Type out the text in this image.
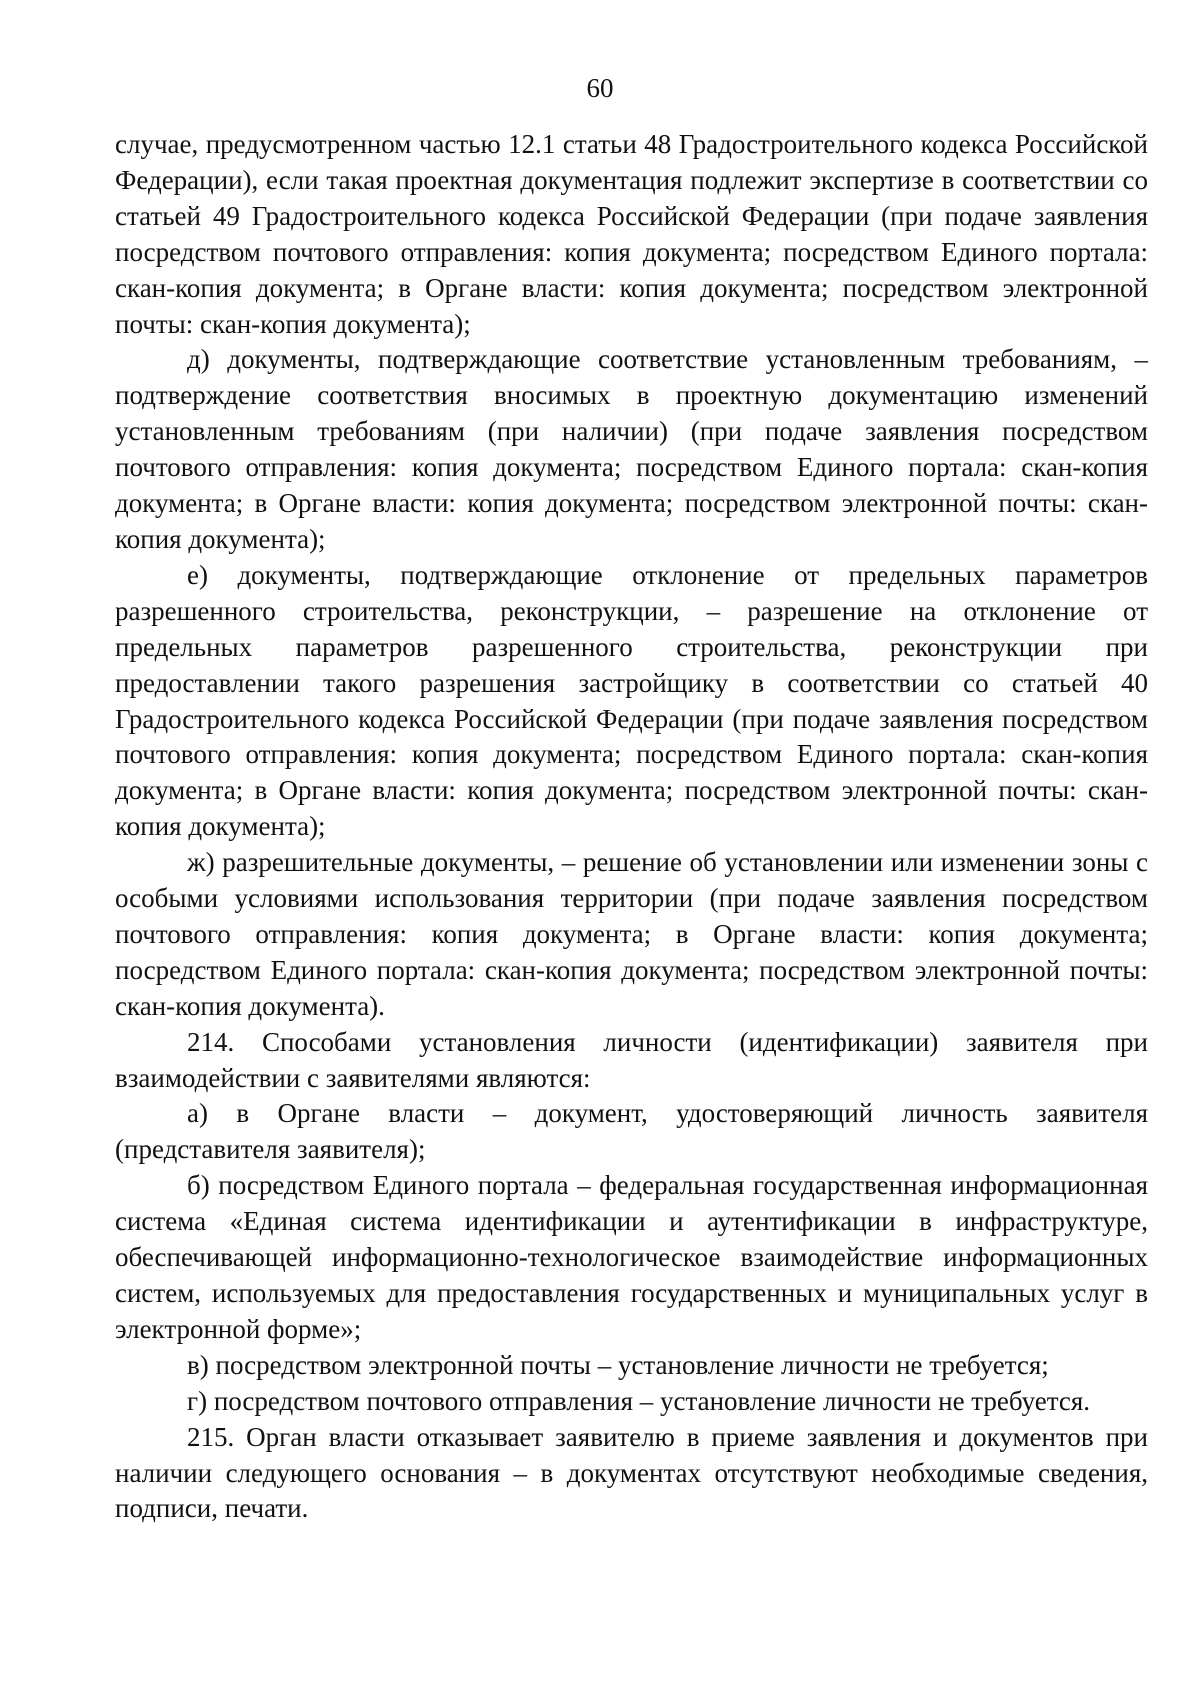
60

случае, предусмотренном частью 12.1 статьи 48 Градостроительного кодекса Российской Федерации), если такая проектная документация подлежит экспертизе в соответствии со статьей 49 Градостроительного кодекса Российской Федерации (при подаче заявления посредством почтового отправления: копия документа; посредством Единого портала: скан-копия документа; в Органе власти: копия документа; посредством электронной почты: скан-копия документа);

д) документы, подтверждающие соответствие установленным требованиям, – подтверждение соответствия вносимых в проектную документацию изменений установленным требованиям (при наличии) (при подаче заявления посредством почтового отправления: копия документа; посредством Единого портала: скан-копия документа; в Органе власти: копия документа; посредством электронной почты: скан-копия документа);

е) документы, подтверждающие отклонение от предельных параметров разрешенного строительства, реконструкции, – разрешение на отклонение от предельных параметров разрешенного строительства, реконструкции при предоставлении такого разрешения застройщику в соответствии со статьей 40 Градостроительного кодекса Российской Федерации (при подаче заявления посредством почтового отправления: копия документа; посредством Единого портала: скан-копия документа; в Органе власти: копия документа; посредством электронной почты: скан-копия документа);

ж) разрешительные документы, – решение об установлении или изменении зоны с особыми условиями использования территории (при подаче заявления посредством почтового отправления: копия документа; в Органе власти: копия документа; посредством Единого портала: скан-копия документа; посредством электронной почты: скан-копия документа).

214. Способами установления личности (идентификации) заявителя при взаимодействии с заявителями являются:

а) в Органе власти – документ, удостоверяющий личность заявителя (представителя заявителя);

б) посредством Единого портала – федеральная государственная информационная система «Единая система идентификации и аутентификации в инфраструктуре, обеспечивающей информационно-технологическое взаимодействие информационных систем, используемых для предоставления государственных и муниципальных услуг в электронной форме»;

в) посредством электронной почты – установление личности не требуется;

г) посредством почтового отправления – установление личности не требуется.

215. Орган власти отказывает заявителю в приеме заявления и документов при наличии следующего основания – в документах отсутствуют необходимые сведения, подписи, печати.
